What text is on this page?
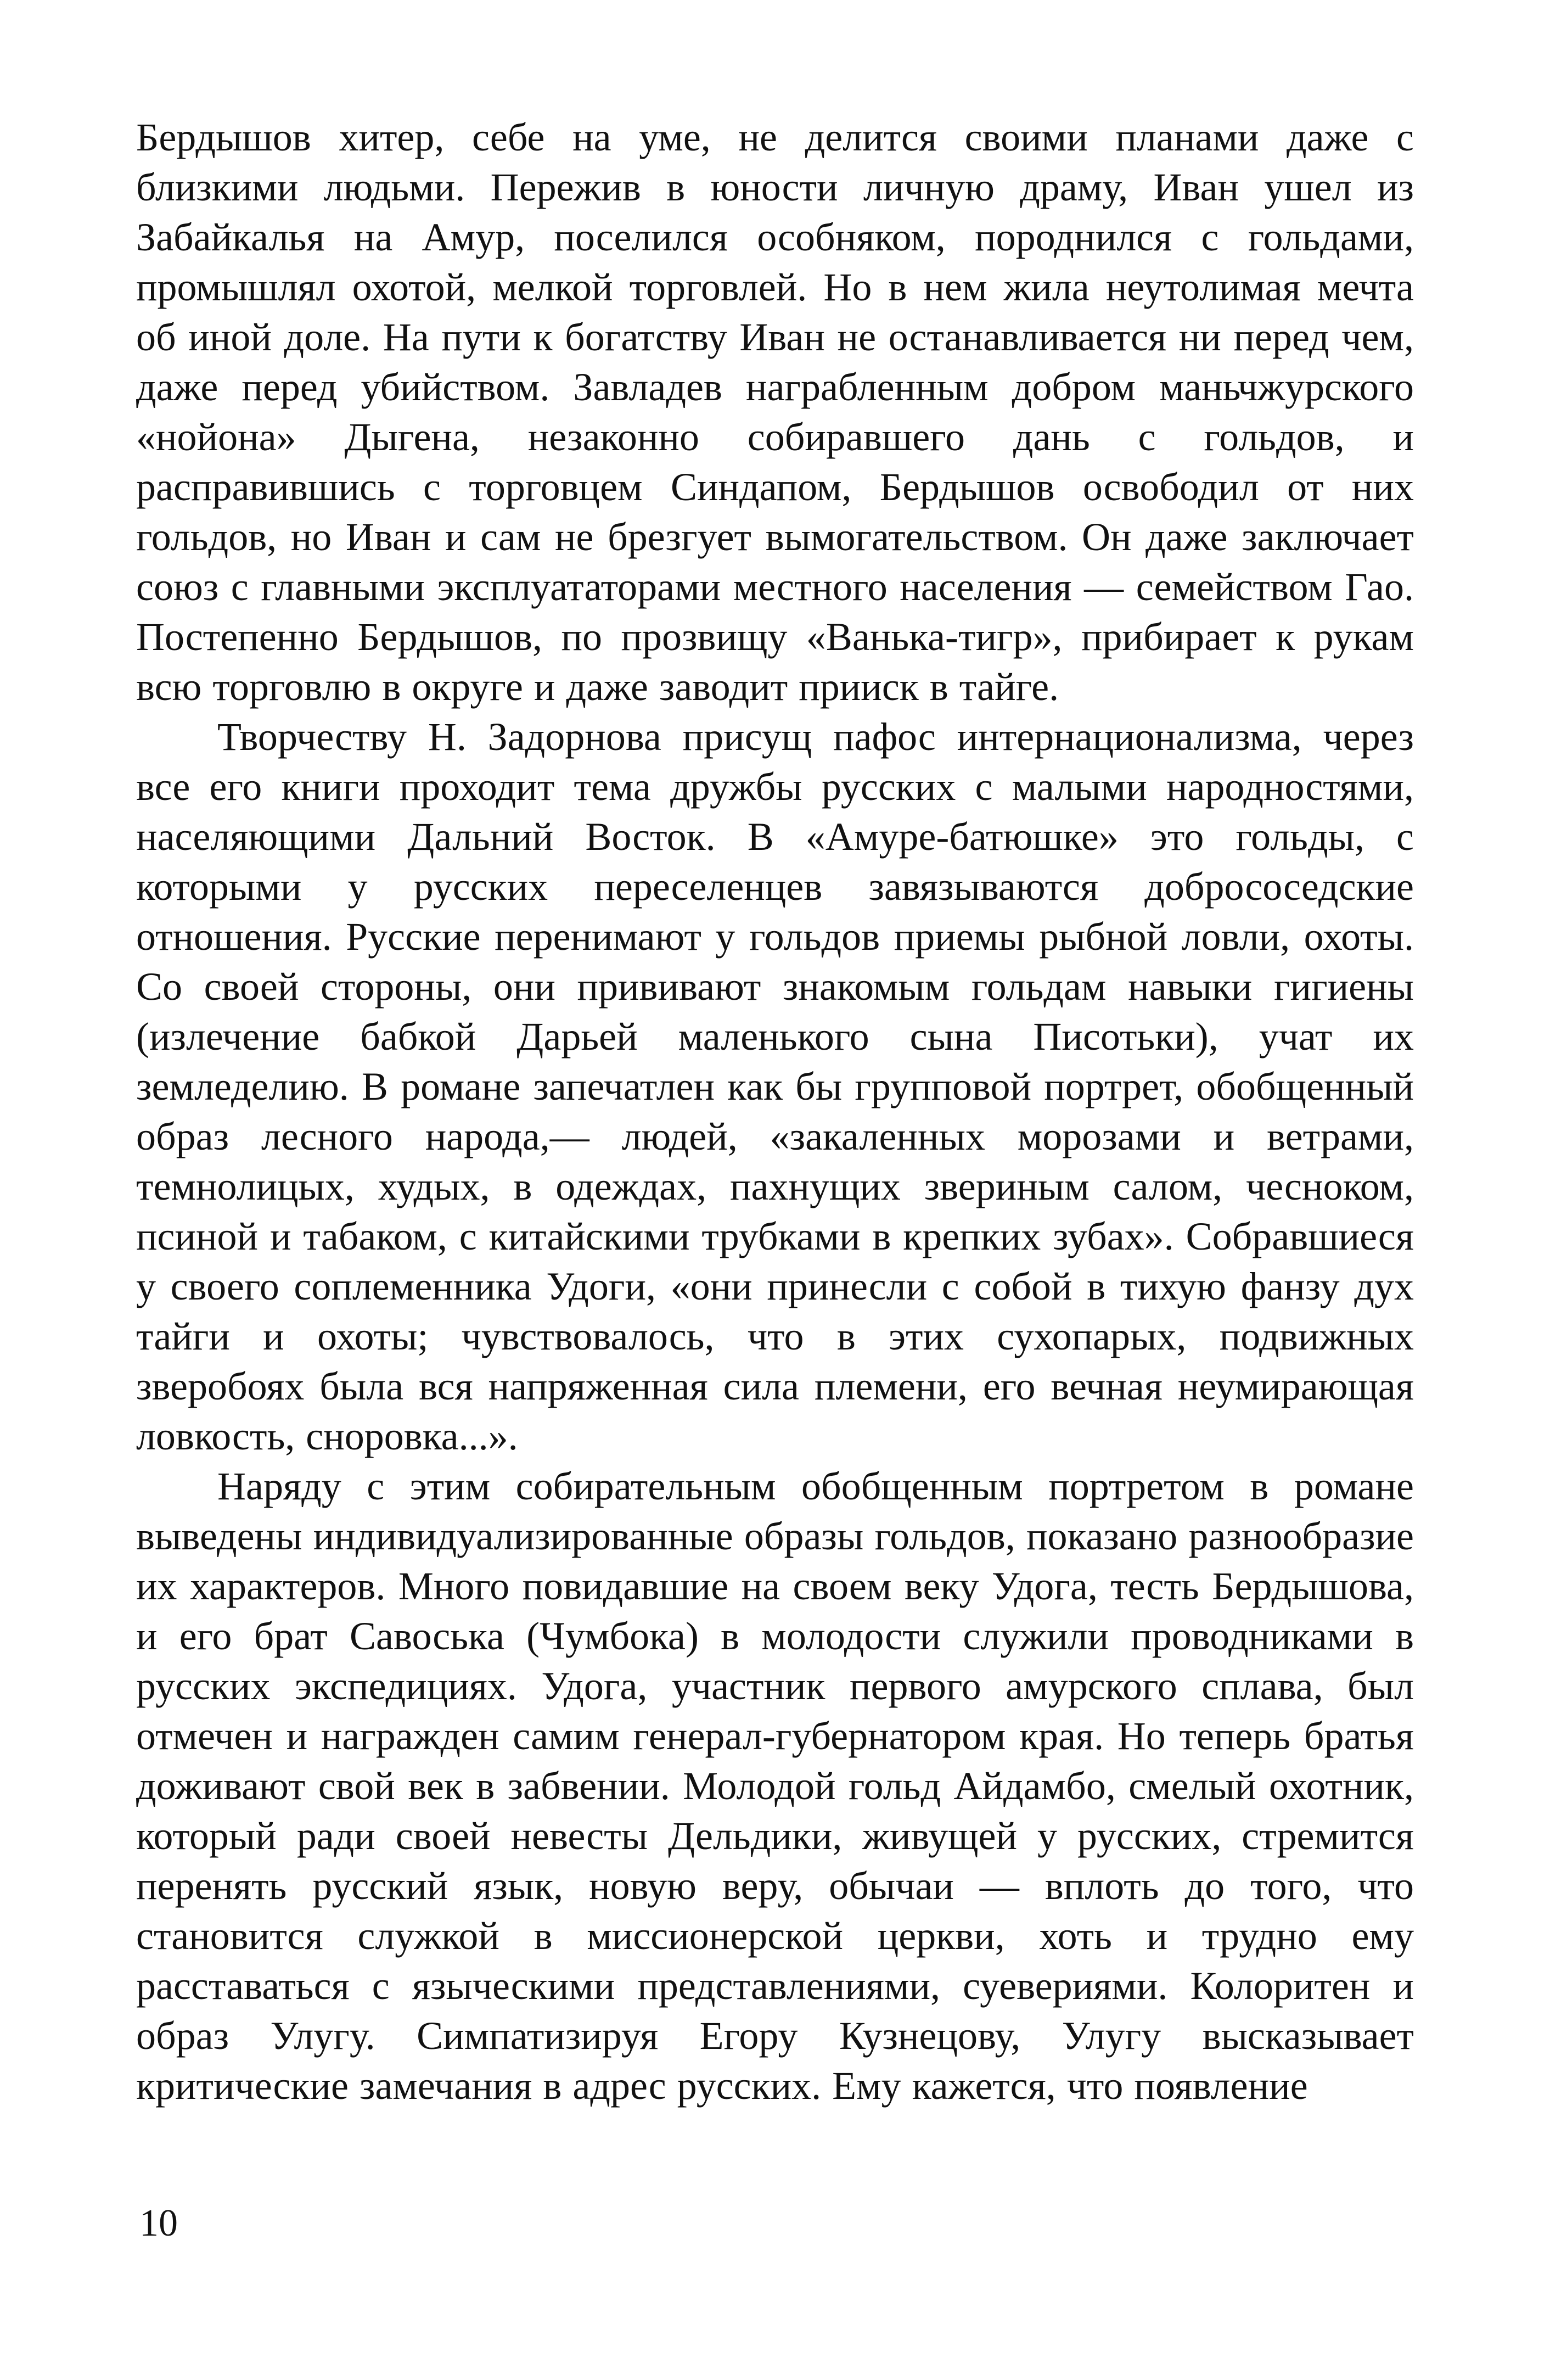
Бердышов хитер, себе на уме, не делится своими планами даже с близкими людьми. Пережив в юности личную драму, Иван ушел из Забайкалья на Амур, поселился особняком, породнился с гольдами, промышлял охотой, мелкой торговлей. Но в нем жила неутолимая мечта об иной доле. На пути к богатству Иван не останавливается ни перед чем, даже перед убийством. Завладев награбленным добром маньчжурского «нойона» Дыгена, незаконно собиравшего дань с гольдов, и расправившись с торговцем Синдапом, Бердышов освободил от них гольдов, но Иван и сам не брезгует вымогательством. Он даже заключает союз с главными эксплуататорами местного населения — семейством Гао. Постепенно Бердышов, по прозвищу «Ванька-тигр», прибирает к рукам всю торговлю в округе и даже заводит прииск в тайге.

Творчеству Н. Задорнова присущ пафос интернационализма, через все его книги проходит тема дружбы русских с малыми народностями, населяющими Дальний Восток. В «Амуре-батюшке» это гольды, с которыми у русских переселенцев завязываются добрососедские отношения. Русские перенимают у гольдов приемы рыбной ловли, охоты. Со своей стороны, они прививают знакомым гольдам навыки гигиены (излечение бабкой Дарьей маленького сына Писотьки), учат их земледелию. В романе запечатлен как бы групповой портрет, обобщенный образ лесного народа,— людей, «закаленных морозами и ветрами, темнолицых, худых, в одеждах, пахнущих звериным салом, чесноком, псиной и табаком, с китайскими трубками в крепких зубах». Собравшиеся у своего соплеменника Удоги, «они принесли с собой в тихую фанзу дух тайги и охоты; чувствовалось, что в этих сухопарых, подвижных зверобоях была вся напряженная сила племени, его вечная неумирающая ловкость, сноровка...».

Наряду с этим собирательным обобщенным портретом в романе выведены индивидуализированные образы гольдов, показано разнообразие их характеров. Много повидавшие на своем веку Удога, тесть Бердышова, и его брат Савоська (Чумбока) в молодости служили проводниками в русских экспедициях. Удога, участник первого амурского сплава, был отмечен и награжден самим генерал-губернатором края. Но теперь братья доживают свой век в забвении. Молодой гольд Айдамбо, смелый охотник, который ради своей невесты Дельдики, живущей у русских, стремится перенять русский язык, новую веру, обычаи — вплоть до того, что становится служкой в миссионерской церкви, хоть и трудно ему расставаться с языческими представлениями, суевериями. Колоритен и образ Улугу. Симпатизируя Егору Кузнецову, Улугу высказывает критические замечания в адрес русских. Ему кажется, что появление

10
